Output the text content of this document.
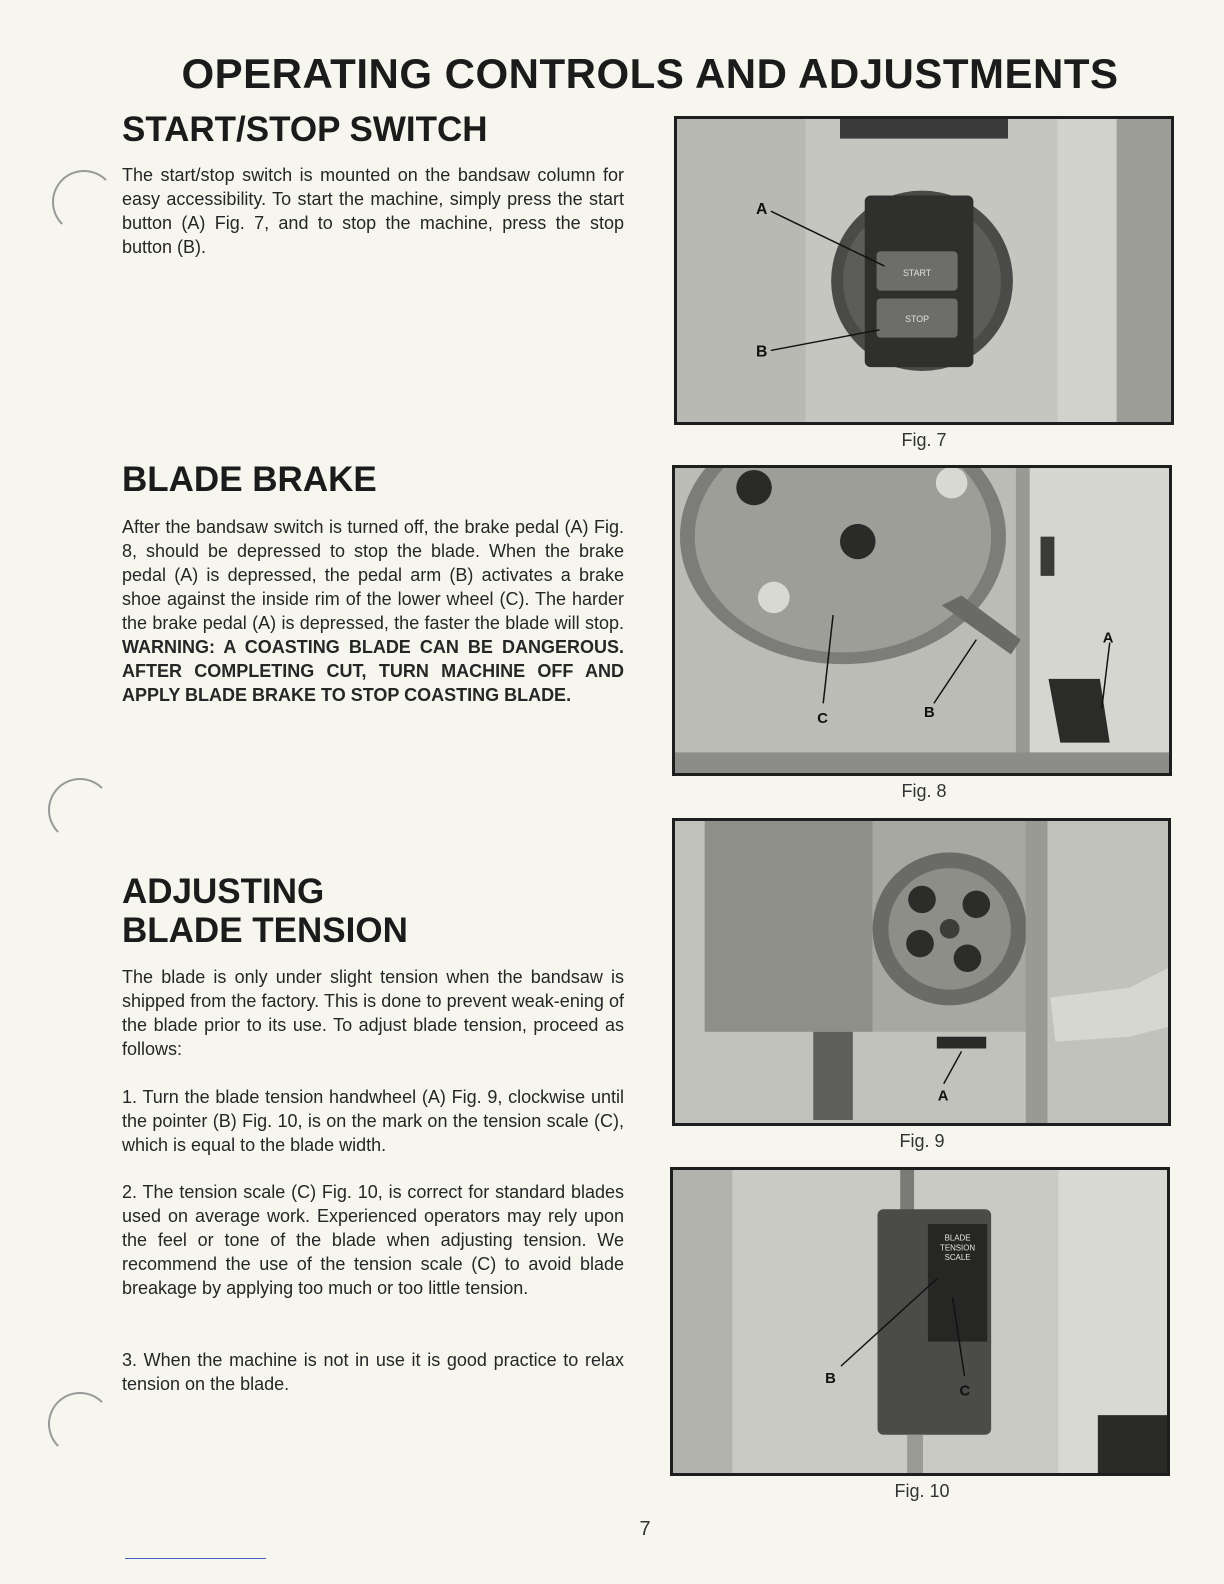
OPERATING CONTROLS AND ADJUSTMENTS
START/STOP SWITCH

The start/stop switch is mounted on the bandsaw column for easy accessibility. To start the machine, simply press the start button (A) Fig. 7, and to stop the machine, press the stop button (B).

BLADE BRAKE

After the bandsaw switch is turned off, the brake pedal (A) Fig. 8, should be depressed to stop the blade. When the brake pedal (A) is depressed, the pedal arm (B) activates a brake shoe against the inside rim of the lower wheel (C). The harder the brake pedal (A) is depressed, the faster the blade will stop. WARNING: A COASTING BLADE CAN BE DANGEROUS. AFTER COMPLETING CUT, TURN MACHINE OFF AND APPLY BLADE BRAKE TO STOP COASTING BLADE.

ADJUSTING
BLADE TENSION

The blade is only under slight tension when the bandsaw is shipped from the factory. This is done to prevent weak-ening of the blade prior to its use. To adjust blade tension, proceed as follows:

1. Turn the blade tension handwheel (A) Fig. 9, clockwise until the pointer (B) Fig. 10, is on the mark on the tension scale (C), which is equal to the blade width.

2. The tension scale (C) Fig. 10, is correct for standard blades used on average work. Experienced operators may rely upon the feel or tone of the blade when adjusting tension. We recommend the use of the tension scale (C) to avoid blade breakage by applying too much or too little tension.

3. When the machine is not in use it is good practice to relax tension on the blade.

START
STOP
A
B
Fig. 7
C	B
A
Fig. 8
A
Fig. 9
BLADE
TENSION
SCALE
B
C
Fig. 10
7
